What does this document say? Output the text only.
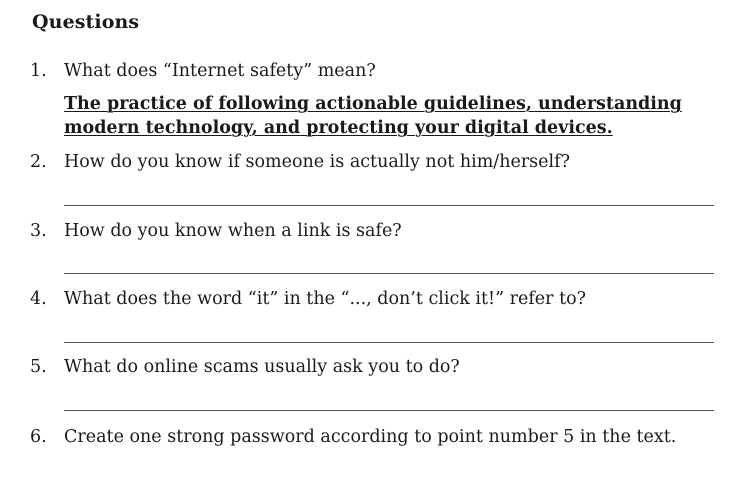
Questions
1. What does “Internet safety” mean?
The practice of following actionable guidelines, understanding modern technology, and protecting your digital devices.
2. How do you know if someone is actually not him/herself?
3. How do you know when a link is safe?
4. What does the word “it” in the “..., don’t click it!” refer to?
5. What do online scams usually ask you to do?
6. Create one strong password according to point number 5 in the text.
